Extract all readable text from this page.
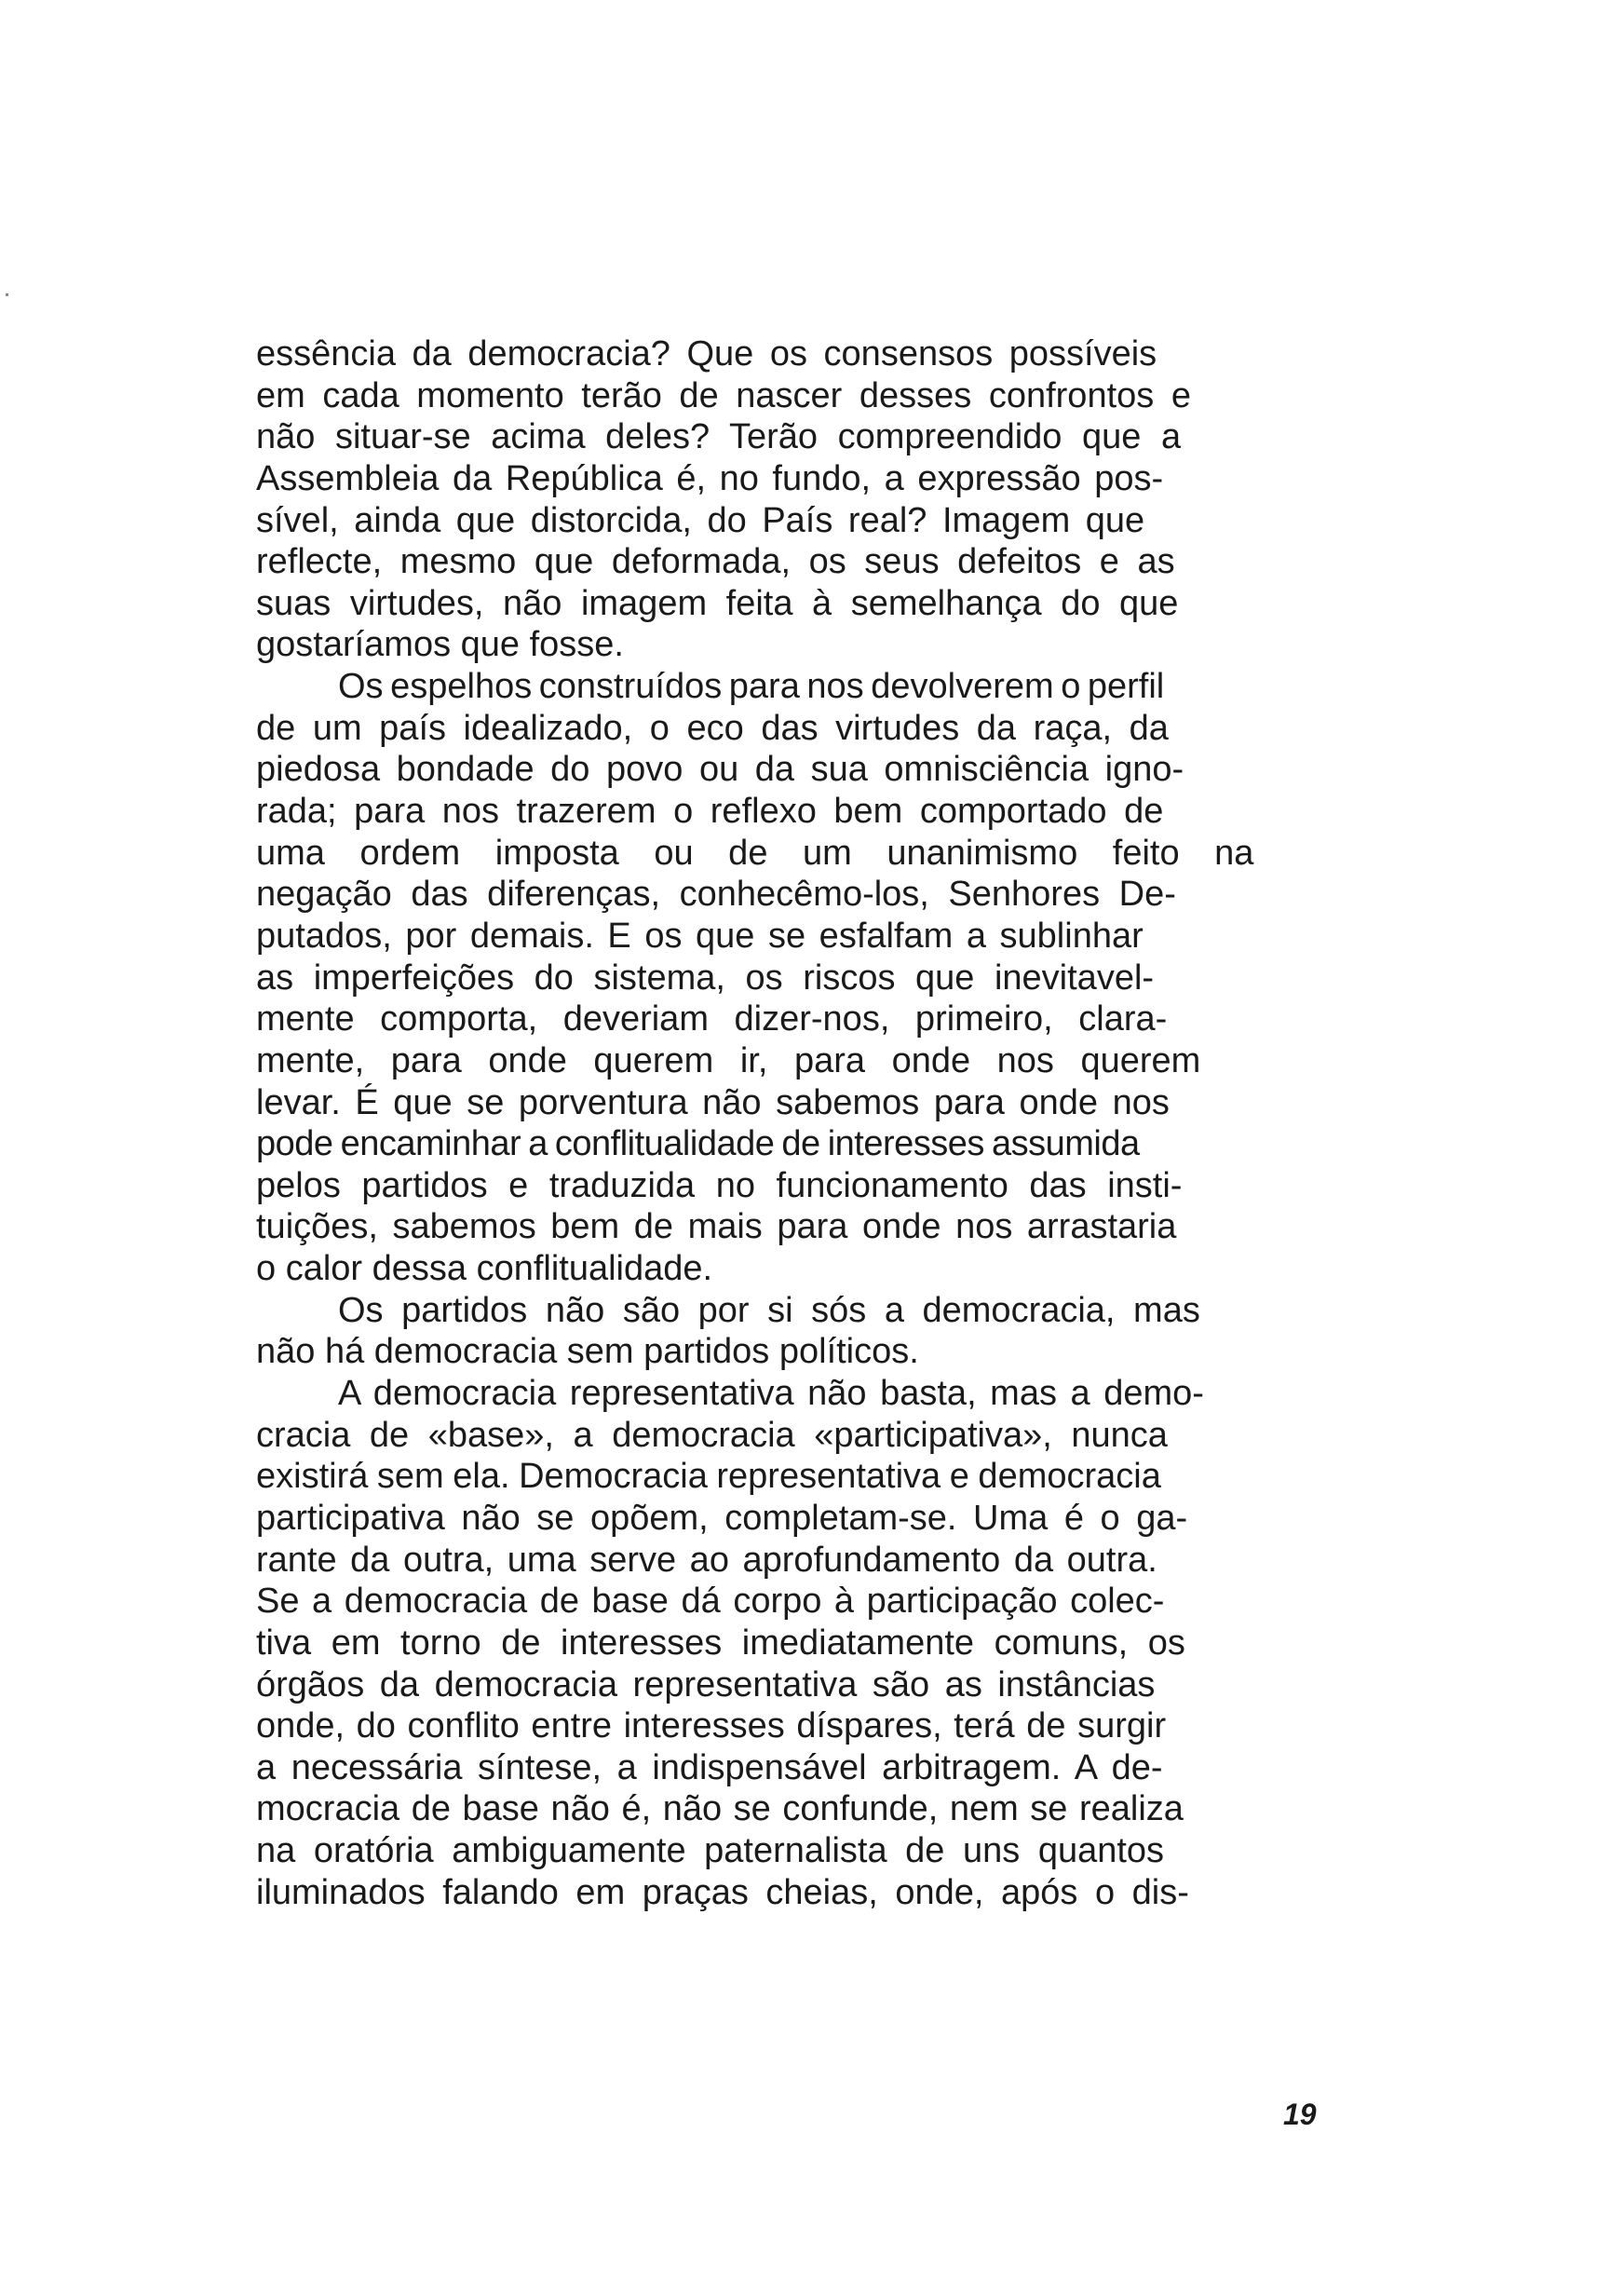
essência da democracia? Que os consensos possíveis
em cada momento terão de nascer desses confrontos e
não situar-se acima deles? Terão compreendido que a
Assembleia da República é, no fundo, a expressão pos-
sível, ainda que distorcida, do País real? Imagem que
reflecte, mesmo que deformada, os seus defeitos e as
suas virtudes, não imagem feita à semelhança do que
gostaríamos que fosse.
Os espelhos construídos para nos devolverem o perfil
de um país idealizado, o eco das virtudes da raça, da
piedosa bondade do povo ou da sua omnisciência igno-
rada; para nos trazerem o reflexo bem comportado de
uma ordem imposta ou de um unanimismo feito na
negação das diferenças, conhecêmo-los, Senhores De-
putados, por demais. E os que se esfalfam a sublinhar
as imperfeições do sistema, os riscos que inevitavel-
mente comporta, deveriam dizer-nos, primeiro, clara-
mente, para onde querem ir, para onde nos querem
levar. É que se porventura não sabemos para onde nos
pode encaminhar a conflitualidade de interesses assumida
pelos partidos e traduzida no funcionamento das insti-
tuições, sabemos bem de mais para onde nos arrastaria
o calor dessa conflitualidade.
Os partidos não são por si sós a democracia, mas
não há democracia sem partidos políticos.
A democracia representativa não basta, mas a demo-
cracia de «base», a democracia «participativa», nunca
existirá sem ela. Democracia representativa e democracia
participativa não se opõem, completam-se. Uma é o ga-
rante da outra, uma serve ao aprofundamento da outra.
Se a democracia de base dá corpo à participação colec-
tiva em torno de interesses imediatamente comuns, os
órgãos da democracia representativa são as instâncias
onde, do conflito entre interesses díspares, terá de surgir
a necessária síntese, a indispensável arbitragem. A de-
mocracia de base não é, não se confunde, nem se realiza
na oratória ambiguamente paternalista de uns quantos
iluminados falando em praças cheias, onde, após o dis-
19
